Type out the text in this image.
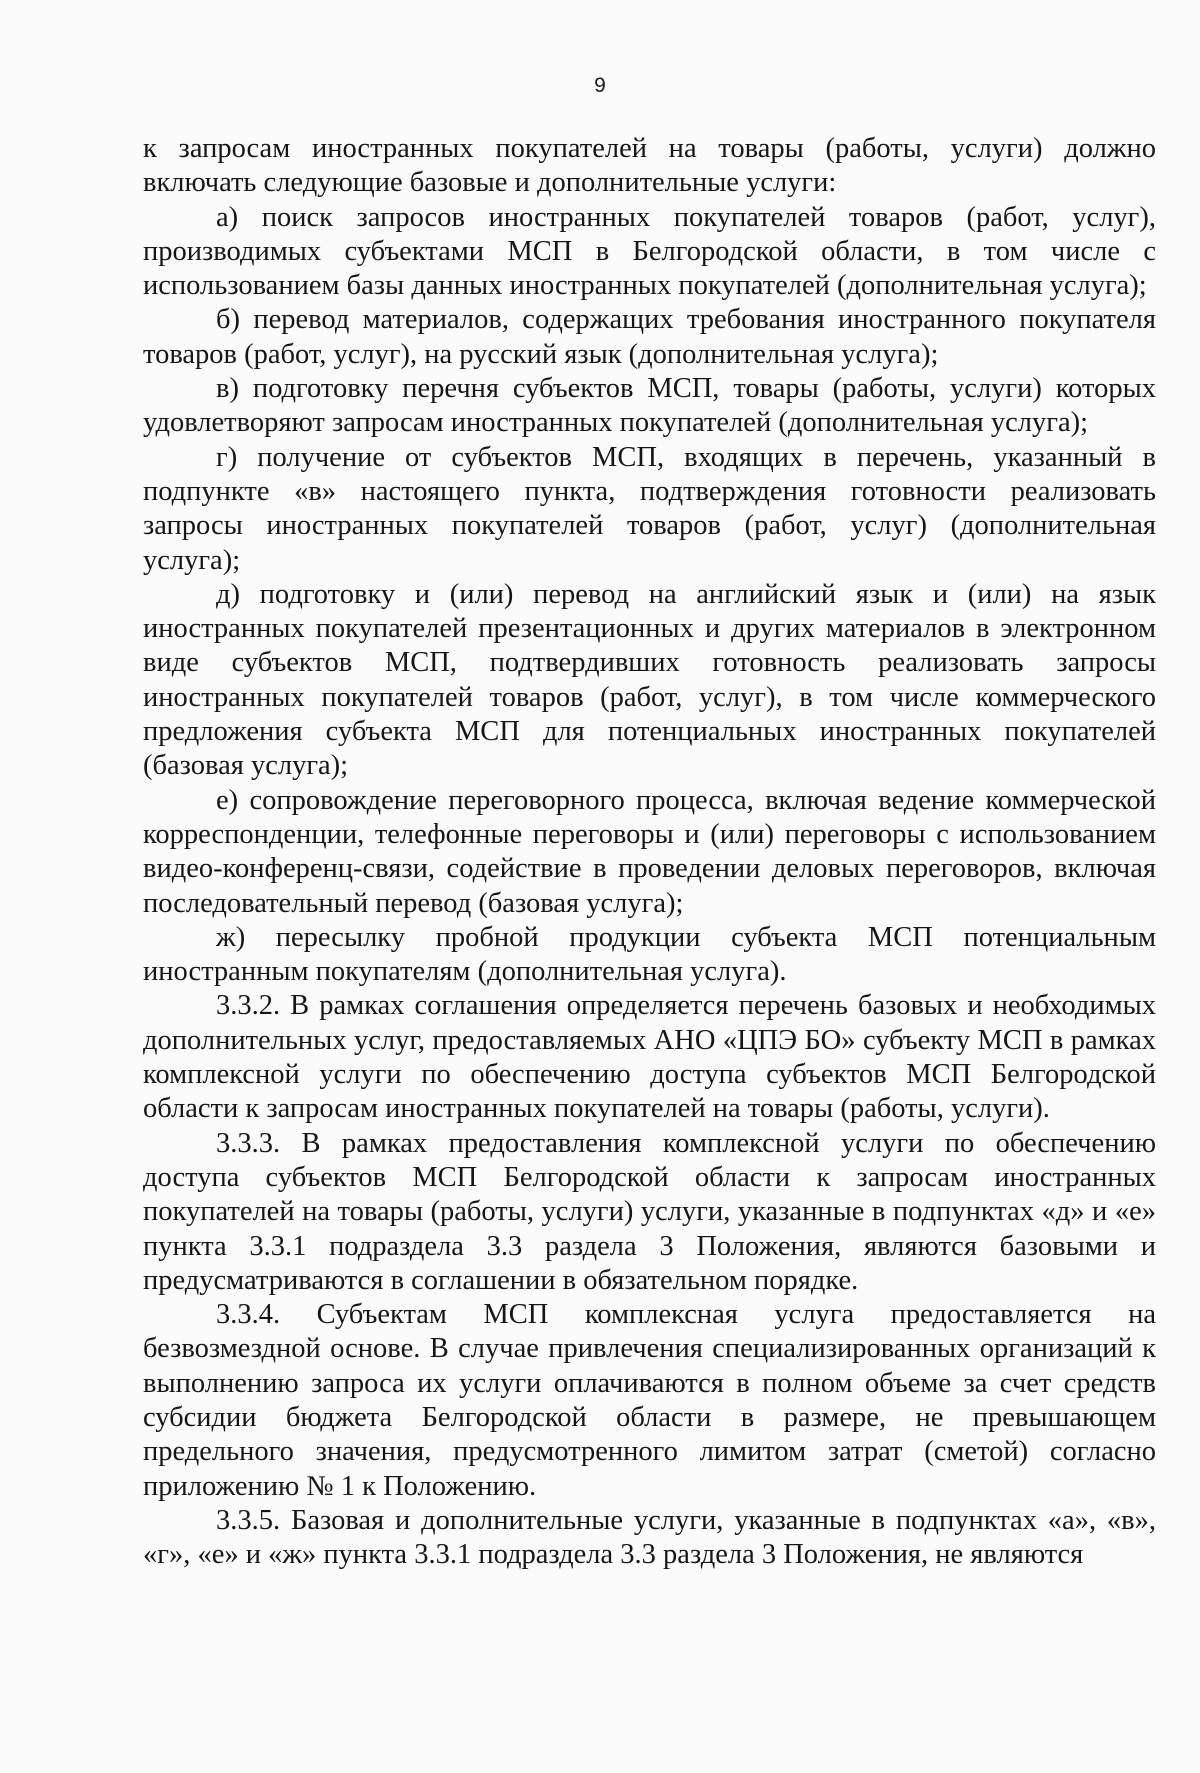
9

к запросам иностранных покупателей на товары (работы, услуги) должно включать следующие базовые и дополнительные услуги:

а) поиск запросов иностранных покупателей товаров (работ, услуг), производимых субъектами МСП в Белгородской области, в том числе с использованием базы данных иностранных покупателей (дополнительная услуга);

б) перевод материалов, содержащих требования иностранного покупателя товаров (работ, услуг), на русский язык (дополнительная услуга);

в) подготовку перечня субъектов МСП, товары (работы, услуги) которых удовлетворяют запросам иностранных покупателей (дополнительная услуга);

г) получение от субъектов МСП, входящих в перечень, указанный в подпункте «в» настоящего пункта, подтверждения готовности реализовать запросы иностранных покупателей товаров (работ, услуг) (дополнительная услуга);

д) подготовку и (или) перевод на английский язык и (или) на язык иностранных покупателей презентационных и других материалов в электронном виде субъектов МСП, подтвердивших готовность реализовать запросы иностранных покупателей товаров (работ, услуг), в том числе коммерческого предложения субъекта МСП для потенциальных иностранных покупателей (базовая услуга);

е) сопровождение переговорного процесса, включая ведение коммерческой корреспонденции, телефонные переговоры и (или) переговоры с использованием видео-конференц-связи, содействие в проведении деловых переговоров, включая последовательный перевод (базовая услуга);

ж) пересылку пробной продукции субъекта МСП потенциальным иностранным покупателям (дополнительная услуга).

3.3.2. В рамках соглашения определяется перечень базовых и необходимых дополнительных услуг, предоставляемых АНО «ЦПЭ БО» субъекту МСП в рамках комплексной услуги по обеспечению доступа субъектов МСП Белгородской области к запросам иностранных покупателей на товары (работы, услуги).

3.3.3. В рамках предоставления комплексной услуги по обеспечению доступа субъектов МСП Белгородской области к запросам иностранных покупателей на товары (работы, услуги) услуги, указанные в подпунктах «д» и «е» пункта 3.3.1 подраздела 3.3 раздела 3 Положения, являются базовыми и предусматриваются в соглашении в обязательном порядке.

3.3.4. Субъектам МСП комплексная услуга предоставляется на безвозмездной основе. В случае привлечения специализированных организаций к выполнению запроса их услуги оплачиваются в полном объеме за счет средств субсидии бюджета Белгородской области в размере, не превышающем предельного значения, предусмотренного лимитом затрат (сметой) согласно приложению № 1 к Положению.

3.3.5. Базовая и дополнительные услуги, указанные в подпунктах «а», «в», «г», «е» и «ж» пункта 3.3.1 подраздела 3.3 раздела 3 Положения, не являются
